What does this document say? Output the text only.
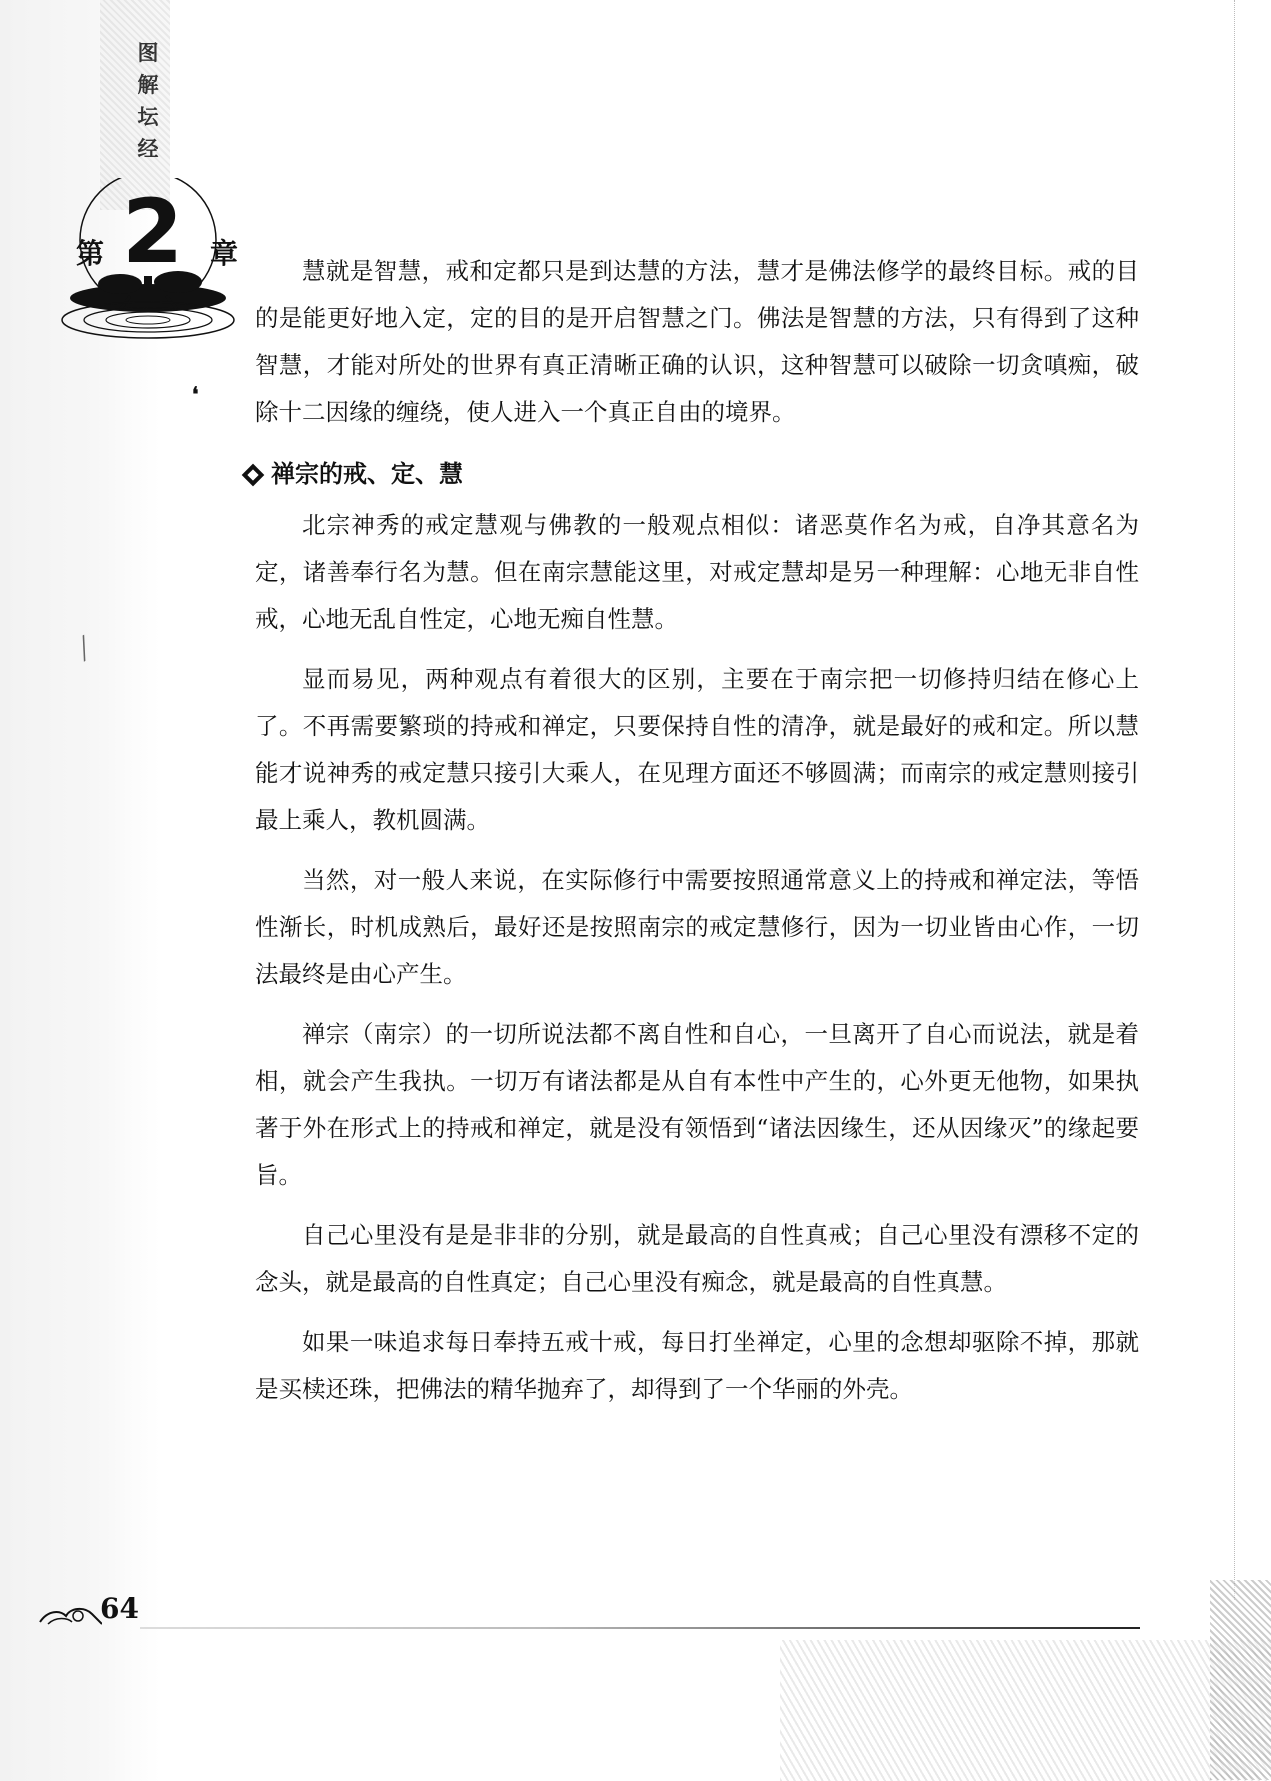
图
解
坛
经
第 2 章
❛
╱

慧就是智慧，戒和定都只是到达慧的方法，慧才是佛法修学的最终目标。戒的目的是能更好地入定，定的目的是开启智慧之门。佛法是智慧的方法，只有得到了这种智慧，才能对所处的世界有真正清晰正确的认识，这种智慧可以破除一切贪嗔痴，破除十二因缘的缠绕，使人进入一个真正自由的境界。

禅宗的戒、定、慧

北宗神秀的戒定慧观与佛教的一般观点相似：诸恶莫作名为戒，自净其意名为定，诸善奉行名为慧。但在南宗慧能这里，对戒定慧却是另一种理解：心地无非自性戒，心地无乱自性定，心地无痴自性慧。

显而易见，两种观点有着很大的区别，主要在于南宗把一切修持归结在修心上了。不再需要繁琐的持戒和禅定，只要保持自性的清净，就是最好的戒和定。所以慧能才说神秀的戒定慧只接引大乘人，在见理方面还不够圆满；而南宗的戒定慧则接引最上乘人，教机圆满。

当然，对一般人来说，在实际修行中需要按照通常意义上的持戒和禅定法，等悟性渐长，时机成熟后，最好还是按照南宗的戒定慧修行，因为一切业皆由心作，一切法最终是由心产生。

禅宗（南宗）的一切所说法都不离自性和自心，一旦离开了自心而说法，就是着相，就会产生我执。一切万有诸法都是从自有本性中产生的，心外更无他物，如果执著于外在形式上的持戒和禅定，就是没有领悟到“诸法因缘生，还从因缘灭”的缘起要旨。

自己心里没有是是非非的分别，就是最高的自性真戒；自己心里没有漂移不定的念头，就是最高的自性真定；自己心里没有痴念，就是最高的自性真慧。

如果一味追求每日奉持五戒十戒，每日打坐禅定，心里的念想却驱除不掉，那就是买椟还珠，把佛法的精华抛弃了，却得到了一个华丽的外壳。

64
